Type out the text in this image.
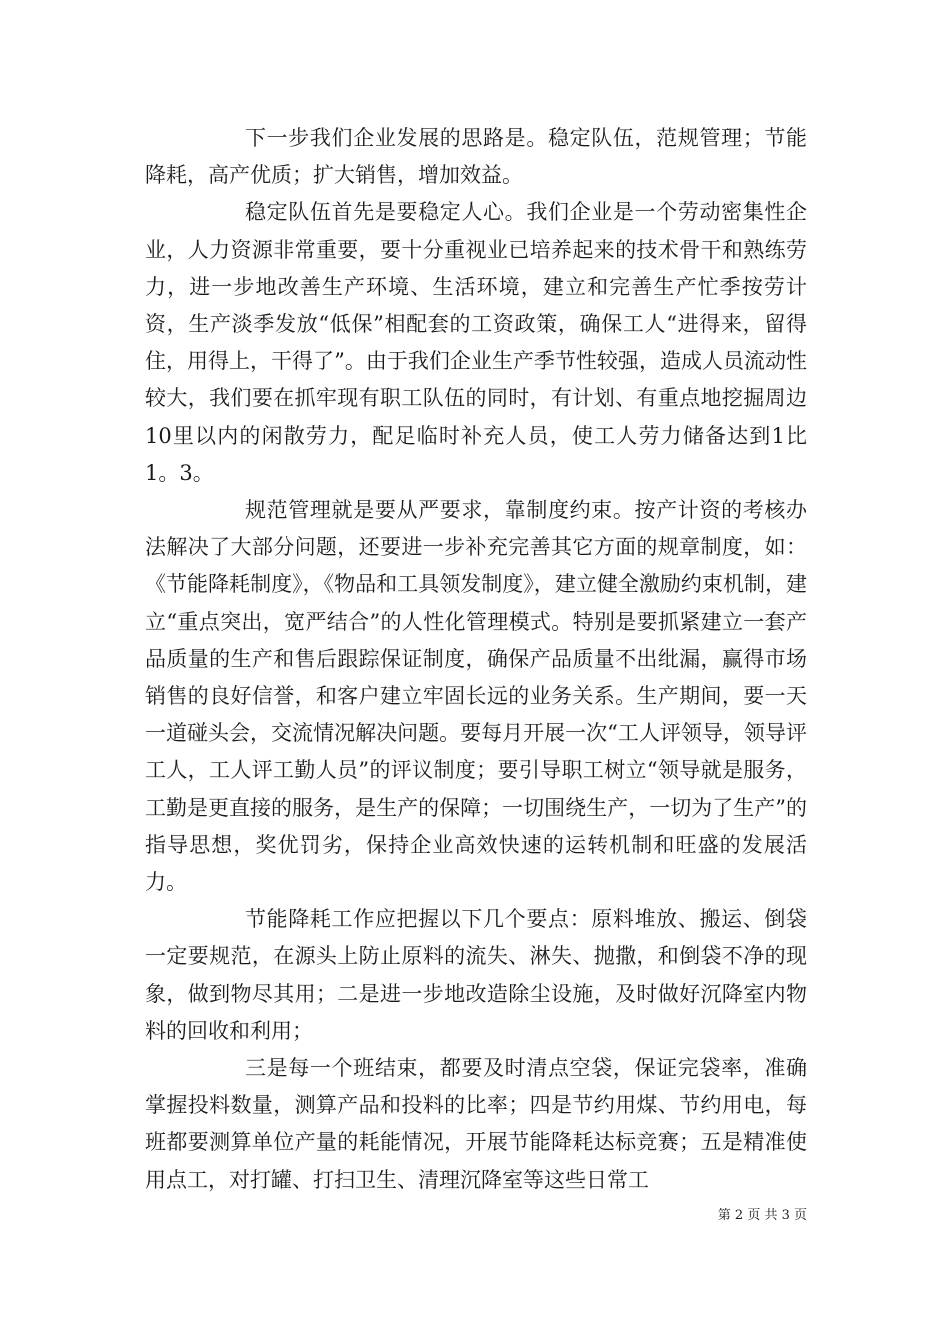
下一步我们企业发展的思路是。稳定队伍，范规管理；节能降耗，高产优质；扩大销售，增加效益。

稳定队伍首先是要稳定人心。我们企业是一个劳动密集性企业，人力资源非常重要，要十分重视业已培养起来的技术骨干和熟练劳力，进一步地改善生产环境、生活环境，建立和完善生产忙季按劳计资，生产淡季发放“低保”相配套的工资政策，确保工人“进得来，留得住，用得上，干得了”。由于我们企业生产季节性较强，造成人员流动性较大，我们要在抓牢现有职工队伍的同时，有计划、有重点地挖掘周边10里以内的闲散劳力，配足临时补充人员，使工人劳力储备达到1比1。3。

规范管理就是要从严要求，靠制度约束。按产计资的考核办法解决了大部分问题，还要进一步补充完善其它方面的规章制度，如：《节能降耗制度》，《物品和工具领发制度》，建立健全激励约束机制，建立“重点突出，宽严结合”的人性化管理模式。特别是要抓紧建立一套产品质量的生产和售后跟踪保证制度，确保产品质量不出纰漏，赢得市场销售的良好信誉，和客户建立牢固长远的业务关系。生产期间，要一天一道碰头会，交流情况解决问题。要每月开展一次“工人评领导，领导评工人，工人评工勤人员”的评议制度；要引导职工树立“领导就是服务，工勤是更直接的服务，是生产的保障；一切围绕生产，一切为了生产”的指导思想，奖优罚劣，保持企业高效快速的运转机制和旺盛的发展活力。

节能降耗工作应把握以下几个要点：原料堆放、搬运、倒袋一定要规范，在源头上防止原料的流失、淋失、抛撒，和倒袋不净的现象，做到物尽其用；二是进一步地改造除尘设施，及时做好沉降室内物料的回收和利用；

三是每一个班结束，都要及时清点空袋，保证完袋率，准确掌握投料数量，测算产品和投料的比率；四是节约用煤、节约用电，每班都要测算单位产量的耗能情况，开展节能降耗达标竞赛；五是精准使用点工，对打罐、打扫卫生、清理沉降室等这些日常工

第 2 页 共 3 页
